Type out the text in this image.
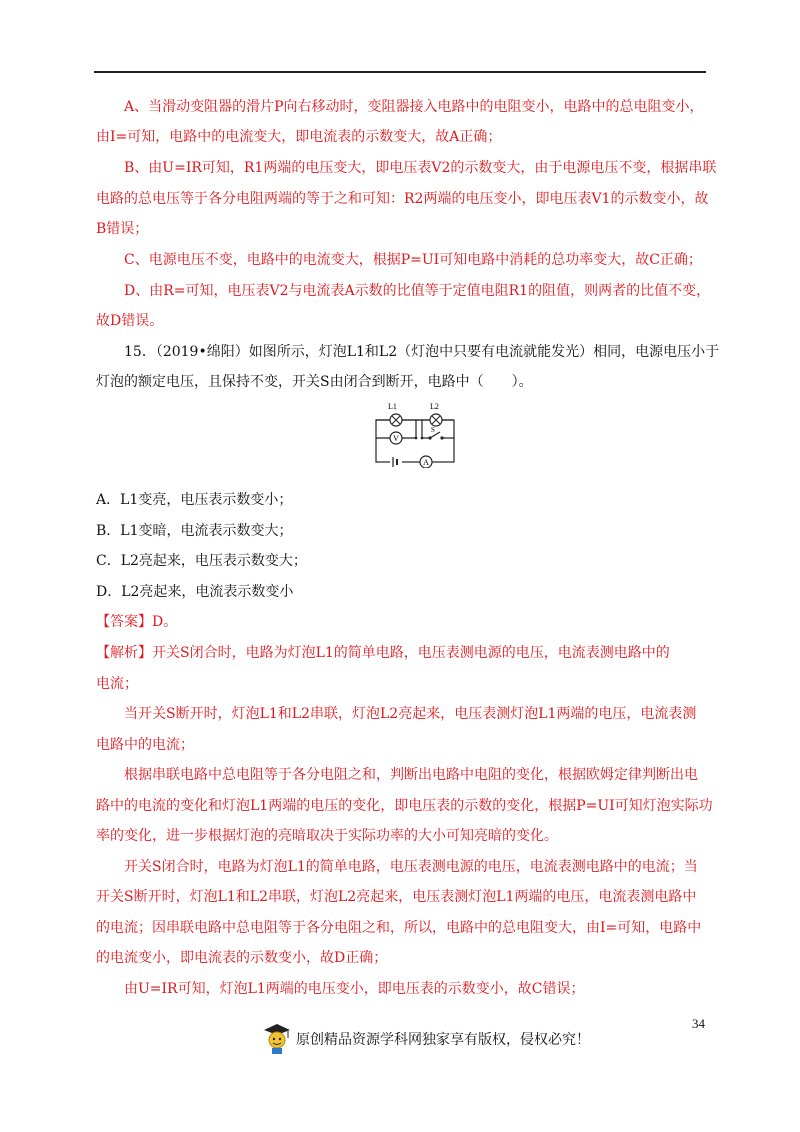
A、当滑动变阻器的滑片P向右移动时，变阻器接入电路中的电阻变小，电路中的总电阻变小，
由I=可知，电路中的电流变大，即电流表的示数变大，故A正确；
B、由U=IR可知，R1两端的电压变大，即电压表V2的示数变大，由于电源电压不变，根据串联
电路的总电压等于各分电阻两端的等于之和可知：R2两端的电压变小，即电压表V1的示数变小，故
B错误；
C、电源电压不变，电路中的电流变大，根据P=UI可知电路中消耗的总功率变大，故C正确；
D、由R=可知，电压表V2与电流表A示数的比值等于定值电阻R1的阻值，则两者的比值不变，
故D错误。
15．（2019•绵阳）如图所示，灯泡L1和L2（灯泡中只要有电流就能发光）相同，电源电压小于
灯泡的额定电压，且保持不变，开关S由闭合到断开，电路中（　　）。
V
S
A
L1	L2
A．L1变亮，电压表示数变小；
B．L1变暗，电流表示数变大；
C．L2亮起来，电压表示数变大；
D．L2亮起来，电流表示数变小
【答案】D。
【解析】开关S闭合时，电路为灯泡L1的简单电路，电压表测电源的电压，电流表测电路中的
电流；
当开关S断开时，灯泡L1和L2串联，灯泡L2亮起来，电压表测灯泡L1两端的电压，电流表测
电路中的电流；
根据串联电路中总电阻等于各分电阻之和，判断出电路中电阻的变化，根据欧姆定律判断出电
路中的电流的变化和灯泡L1两端的电压的变化，即电压表的示数的变化，根据P=UI可知灯泡实际功
率的变化，进一步根据灯泡的亮暗取决于实际功率的大小可知亮暗的变化。
开关S闭合时，电路为灯泡L1的简单电路，电压表测电源的电压，电流表测电路中的电流；当
开关S断开时，灯泡L1和L2串联，灯泡L2亮起来，电压表测灯泡L1两端的电压，电流表测电路中
的电流；因串联电路中总电阻等于各分电阻之和，所以，电路中的总电阻变大，由I=可知，电路中
的电流变小，即电流表的示数变小，故D正确；
由U=IR可知，灯泡L1两端的电压变小，即电压表的示数变小，故C错误；
34
原创精品资源学科网独家享有版权，侵权必究！
